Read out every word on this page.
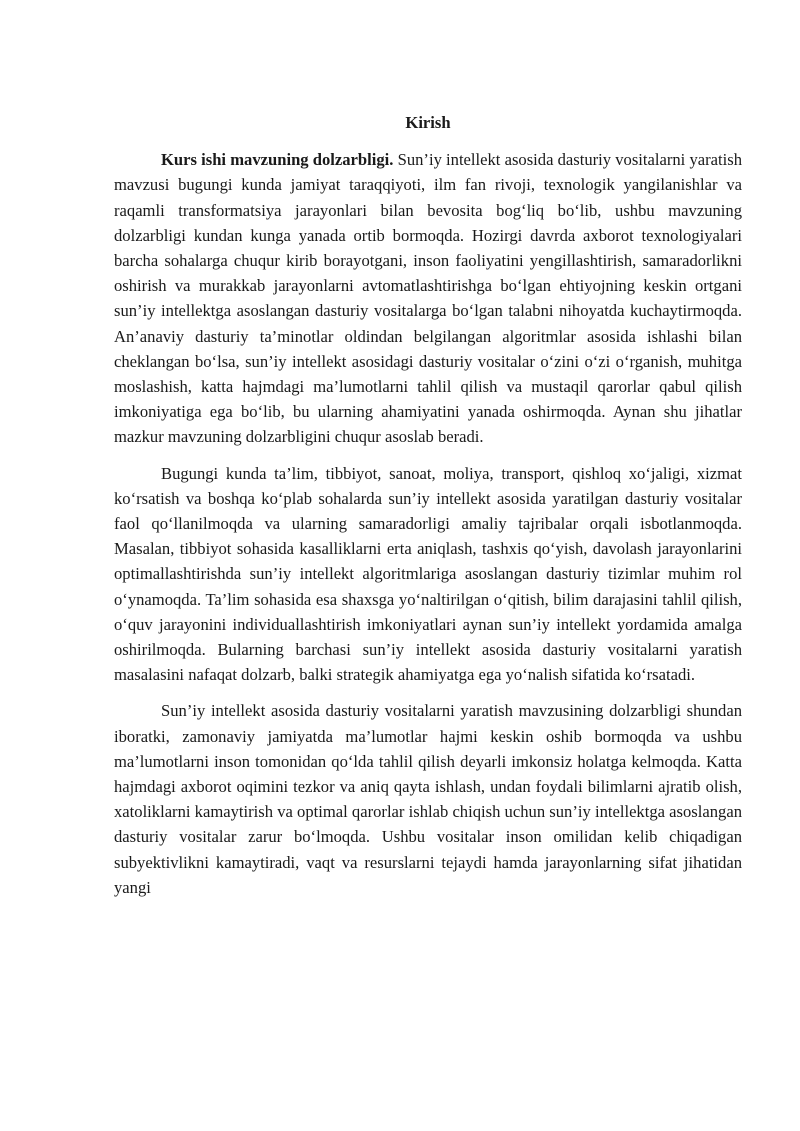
Kirish

Kurs ishi mavzuning dolzarbligi. Sun’iy intellekt asosida dasturiy vositalarni yaratish mavzusi bugungi kunda jamiyat taraqqiyoti, ilm fan rivoji, texnologik yangilanishlar va raqamli transformatsiya jarayonlari bilan bevosita bog‘liq bo‘lib, ushbu mavzuning dolzarbligi kundan kunga yanada ortib bormoqda. Hozirgi davrda axborot texnologiyalari barcha sohalarga chuqur kirib borayotgani, inson faoliyatini yengillashtirish, samaradorlikni oshirish va murakkab jarayonlarni avtomatlashtirishga bo‘lgan ehtiyojning keskin ortgani sun’iy intellektga asoslangan dasturiy vositalarga bo‘lgan talabni nihoyatda kuchaytirmoqda. An’anaviy dasturiy ta’minotlar oldindan belgilangan algoritmlar asosida ishlashi bilan cheklangan bo‘lsa, sun’iy intellekt asosidagi dasturiy vositalar o‘zini o‘zi o‘rganish, muhitga moslashish, katta hajmdagi ma’lumotlarni tahlil qilish va mustaqil qarorlar qabul qilish imkoniyatiga ega bo‘lib, bu ularning ahamiyatini yanada oshirmoqda. Aynan shu jihatlar mazkur mavzuning dolzarbligini chuqur asoslab beradi.

Bugungi kunda ta’lim, tibbiyot, sanoat, moliya, transport, qishloq xo‘jaligi, xizmat ko‘rsatish va boshqa ko‘plab sohalarda sun’iy intellekt asosida yaratilgan dasturiy vositalar faol qo‘llanilmoqda va ularning samaradorligi amaliy tajribalar orqali isbotlanmoqda. Masalan, tibbiyot sohasida kasalliklarni erta aniqlash, tashxis qo‘yish, davolash jarayonlarini optimallashtirishda sun’iy intellekt algoritmlariga asoslangan dasturiy tizimlar muhim rol o‘ynamoqda. Ta’lim sohasida esa shaxsga yo‘naltirilgan o‘qitish, bilim darajasini tahlil qilish, o‘quv jarayonini individuallashtirish imkoniyatlari aynan sun’iy intellekt yordamida amalga oshirilmoqda. Bularning barchasi sun’iy intellekt asosida dasturiy vositalarni yaratish masalasini nafaqat dolzarb, balki strategik ahamiyatga ega yo‘nalish sifatida ko‘rsatadi.

Sun’iy intellekt asosida dasturiy vositalarni yaratish mavzusining dolzarbligi shundan iboratki, zamonaviy jamiyatda ma’lumotlar hajmi keskin oshib bormoqda va ushbu ma’lumotlarni inson tomonidan qo‘lda tahlil qilish deyarli imkonsiz holatga kelmoqda. Katta hajmdagi axborot oqimini tezkor va aniq qayta ishlash, undan foydali bilimlarni ajratib olish, xatoliklarni kamaytirish va optimal qarorlar ishlab chiqish uchun sun’iy intellektga asoslangan dasturiy vositalar zarur bo‘lmoqda. Ushbu vositalar inson omilidan kelib chiqadigan subyektivlikni kamaytiradi, vaqt va resurslarni tejaydi hamda jarayonlarning sifat jihatidan yangi
